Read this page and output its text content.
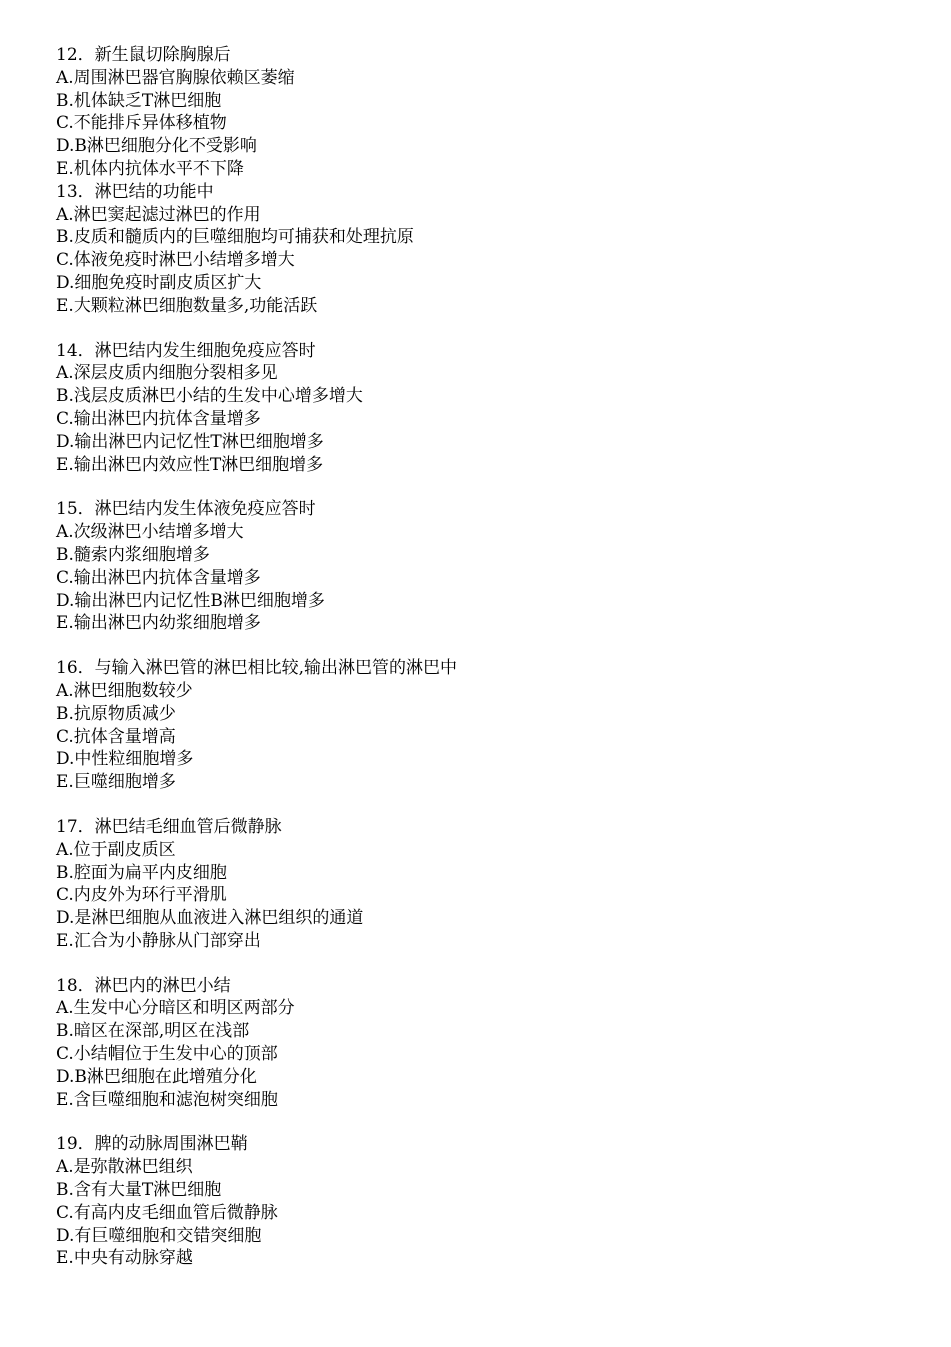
12．新生鼠切除胸腺后
A.周围淋巴器官胸腺依赖区萎缩
B.机体缺乏T淋巴细胞
C.不能排斥异体移植物
D.B淋巴细胞分化不受影响
E.机体内抗体水平不下降
13．淋巴结的功能中
A.淋巴窦起滤过淋巴的作用
B.皮质和髓质内的巨噬细胞均可捕获和处理抗原
C.体液免疫时淋巴小结增多增大
D.细胞免疫时副皮质区扩大
E.大颗粒淋巴细胞数量多,功能活跃
14．淋巴结内发生细胞免疫应答时
A.深层皮质内细胞分裂相多见
B.浅层皮质淋巴小结的生发中心增多增大
C.输出淋巴内抗体含量增多
D.输出淋巴内记忆性T淋巴细胞增多
E.输出淋巴内效应性T淋巴细胞增多
15．淋巴结内发生体液免疫应答时
A.次级淋巴小结增多增大
B.髓索内浆细胞增多
C.输出淋巴内抗体含量增多
D.输出淋巴内记忆性B淋巴细胞增多
E.输出淋巴内幼浆细胞增多
16．与输入淋巴管的淋巴相比较,输出淋巴管的淋巴中
A.淋巴细胞数较少
B.抗原物质减少
C.抗体含量增高
D.中性粒细胞增多
E.巨噬细胞增多
17．淋巴结毛细血管后微静脉
A.位于副皮质区
B.腔面为扁平内皮细胞
C.内皮外为环行平滑肌
D.是淋巴细胞从血液进入淋巴组织的通道
E.汇合为小静脉从门部穿出
18．淋巴内的淋巴小结
A.生发中心分暗区和明区两部分
B.暗区在深部,明区在浅部
C.小结帽位于生发中心的顶部
D.B淋巴细胞在此增殖分化
E.含巨噬细胞和滤泡树突细胞
19．脾的动脉周围淋巴鞘
A.是弥散淋巴组织
B.含有大量T淋巴细胞
C.有高内皮毛细血管后微静脉
D.有巨噬细胞和交错突细胞
E.中央有动脉穿越
